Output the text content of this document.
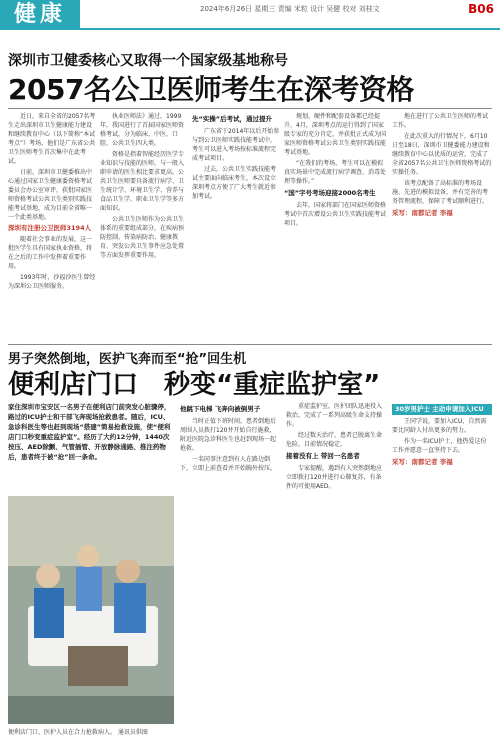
健康	2024年6月26日 星期三 责编 米粒 设计 吴健 校对 刘桂文	B06
深圳市卫健委核心又取得一个国家级基地称号
2057名公卫医师考生在深考资格

近日，来自全省的2057名考生走出深圳市卫生健康能力建设和继续教育中心（以下简称“本试考点”）考场，他们是广东省公共卫生医师考生首次集中在此考试。

日前，深圳市卫健委推出中心通过国家卫生健康委资格考试委员会办公室审评，获批国家医师资格考试公共卫生类别实践技能考试基地，成为目前全省唯一一个此类基地。

深圳有注册公卫医师3194人

随着社会事业的发展，这一批医学生具有国家执业资格，将在之后的工作中发挥着重要作用。

1993年时，沙福沙医生曾经为深圳公卫医师服务。

执业医师法》通过，1999年，我国进行了首届国家医师资格考试，分为临床、中医、口腔、公共卫生四大类。

资格是指着智能经历医学专业知识与技能的医师，与一般入职申请的医生相比要求更高。公共卫生医师要具备流行病学、卫生统计学、环境卫生学、营养与食品卫生学、职业卫生学等多方面知识。

公共卫生医师作为公共卫生体系的重要组成部分，在疾病预防控制、传染病防治、健康教育、突发公共卫生事件应急处置等方面发挥重要作用。

先“实操”后考试，通过提升

广东省于2014年以后开始参与到公卫医师实践技能考试中，考生可以进入考场按标准流程完成考试项目。

过去，公共卫生实践技能考试主要面向临床考生，本次设立深圳考点方便了广大考生就近参加考试。

规划，硬件和配套设备都已经提升，4月，深圳考点的运行得到了国家级专家的充分肯定，并获批正式成为国家医师资格考试公共卫生类别实践技能考试基地。

“在我们的考场，考生可以在模拟真实场景中完成流行病学调查、消毒处理等操作。”

“国”字号考场迎接2000名考生

去年，国家将部门在国家医师资格考试中首次增设公共卫生实践技能考试项目。

地在进行了公共卫生医师的考试工作。

在此次重大的行情况下，6月10日至18日，深圳市卫健委能力建设和继续教育中心以优质的运营，完成了全省2057名公共卫生医师资格考试的实操任务。

该考点配备了高标准的考场设施、先进的模拟设备，并有完善的考务管理流程，保障了考试顺利进行。

采写：南都记者 李福
男子突然倒地，医护飞奔而至“抢”回生机
便利店门口　秒变“重症监护室”
家住深圳市宝安区一名男子在便利店门前突发心脏骤停，路过的ICU护士和干部飞奔现场抢救患者。随后，ICU、急诊科医生等也赶到现场“搭建”简易抢救设施，使“便利店门口秒变重症监护室”。经历了大约12分钟，1440次按压、AED除颤、气管插管、开放静脉通路、推注药物后，患者终于被“抢”回一条命。
便利店门口，医护人员在合力抢救病人。 通讯员供图
他跳下电梯 飞奔向被倒男子

当时正值下班时间，患者倒地后周围人员拨打120并开始自行施救，附近医院急诊科医生也赶到现场一起抢救。

一名同事注意到有人在路边倒下，立即上前查看并开始胸外按压。

重症监护室，医护团队迅速投入救治，完成了一系列高级生命支持操作。

经过数天治疗，患者已脱离生命危险，目前情况稳定。

接着没有上 带回一名患者

专家提醒，遇到有人突然倒地应立即拨打120并进行心肺复苏，有条件的可使用AED。

30岁男护士 主动申请加入ICU

王同学说，要加入ICU，自然需要比同龄人付出更多的努力。

作为一名ICU护士，他热爱这份工作并愿意一直坚持下去。

采写：南都记者 李福
